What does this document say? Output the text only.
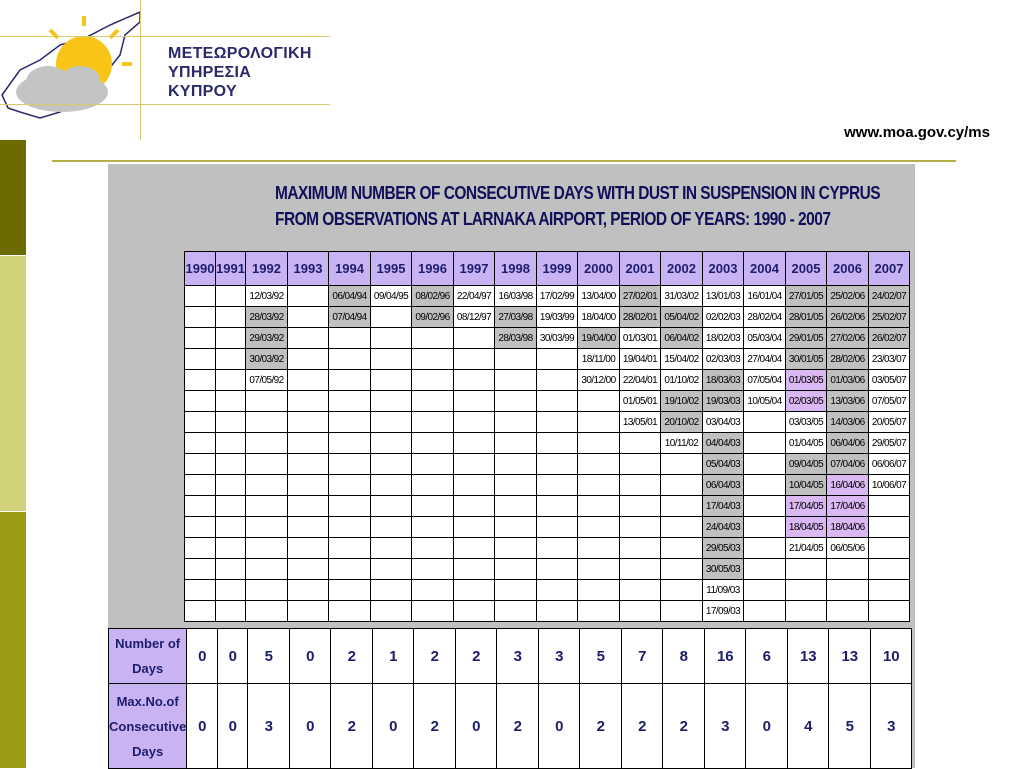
ΜΕΤΕΩΡΟΛΟΓΙΚΗ
ΥΠΗΡΕΣΙΑ
ΚΥΠΡΟΥ
www.moa.gov.cy/ms
MAXIMUM NUMBER OF CONSECUTIVE DAYS WITH DUST IN SUSPENSION IN CYPRUS
FROM OBSERVATIONS AT LARNAKA AIRPORT, PERIOD OF YEARS: 1990 - 2007
1990	1991	1992	1993	1994	1995	1996	1997	1998	1999	2000	2001	2002	2003	2004	2005	2006	2007
		12/03/92		06/04/94	09/04/95	08/02/96	22/04/97	16/03/98	17/02/99	13/04/00	27/02/01	31/03/02	13/01/03	16/01/04	27/01/05	25/02/06	24/02/07
		28/03/92		07/04/94		09/02/96	08/12/97	27/03/98	19/03/99	18/04/00	28/02/01	05/04/02	02/02/03	28/02/04	28/01/05	26/02/06	25/02/07
		29/03/92						28/03/98	30/03/99	19/04/00	01/03/01	06/04/02	18/02/03	05/03/04	29/01/05	27/02/06	26/02/07
		30/03/92								18/11/00	19/04/01	15/04/02	02/03/03	27/04/04	30/01/05	28/02/06	23/03/07
		07/05/92								30/12/00	22/04/01	01/10/02	18/03/03	07/05/04	01/03/05	01/03/06	03/05/07
											01/05/01	19/10/02	19/03/03	10/05/04	02/03/05	13/03/06	07/05/07
											13/05/01	20/10/02	03/04/03		03/03/05	14/03/06	20/05/07
												10/11/02	04/04/03		01/04/05	06/04/06	29/05/07
													05/04/03		09/04/05	07/04/06	06/06/07
													06/04/03		10/04/05	16/04/06	10/06/07
													17/04/03		17/04/05	17/04/06	
													24/04/03		18/04/05	18/04/06	
													29/05/03		21/04/05	06/05/06	
													30/05/03				
													11/09/03				
													17/09/03				
Number of Days	0	0	5	0	2	1	2	2	3	3	5	7	8	16	6	13	13	10
Max.No.of Consecutive Days	0	0	3	0	2	0	2	0	2	0	2	2	2	3	0	4	5	3
